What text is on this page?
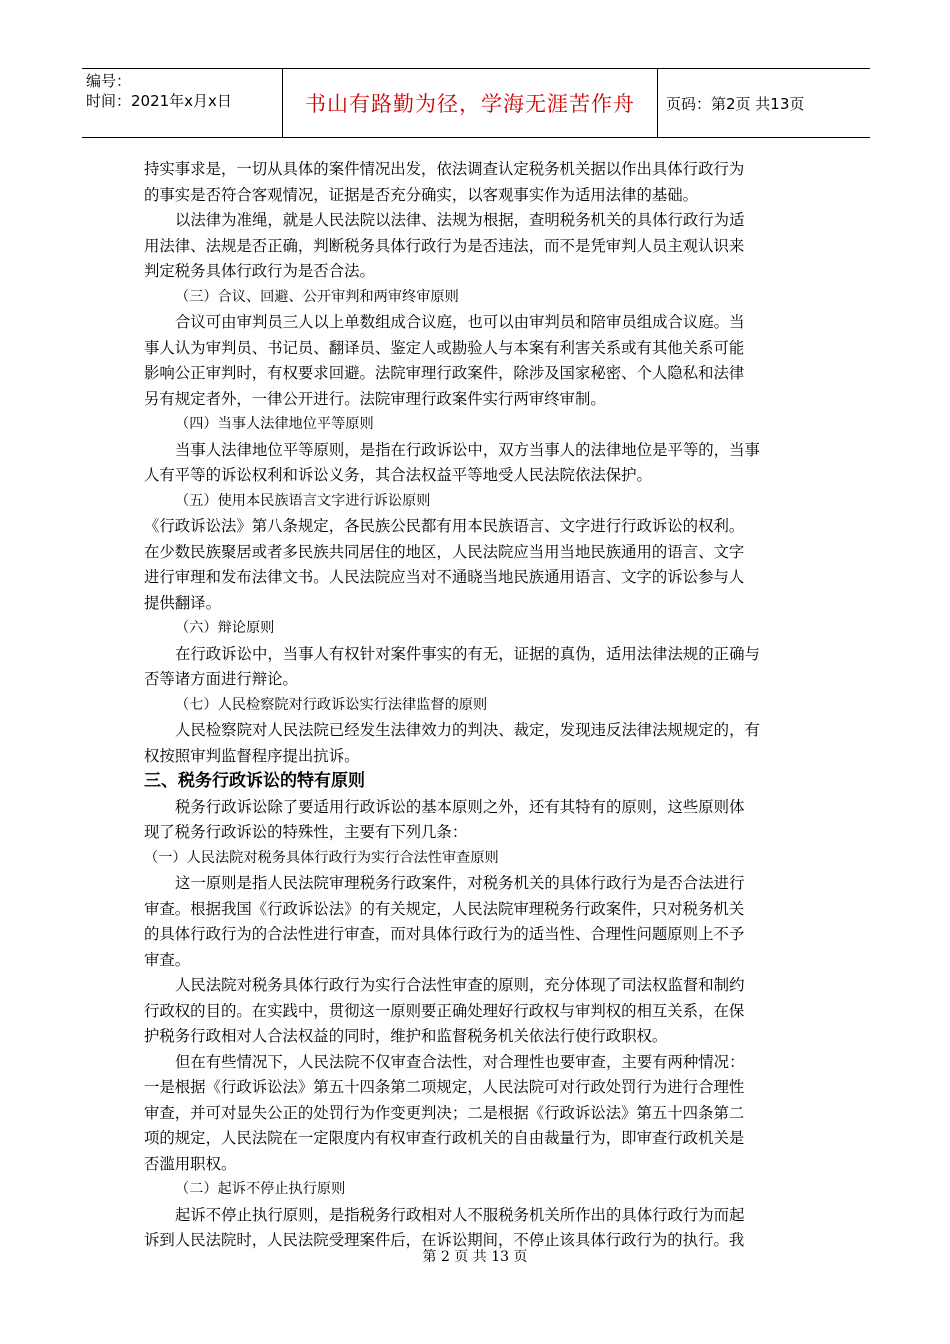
编号：
时间：2021年x月x日	书山有路勤为径，学海无涯苦作舟	页码：第2页 共13页

持实事求是，一切从具体的案件情况出发，依法调查认定税务机关据以作出具体行政行为

的事实是否符合客观情况，证据是否充分确实，以客观事实作为适用法律的基础。

以法律为准绳，就是人民法院以法律、法规为根据，查明税务机关的具体行政行为适

用法律、法规是否正确，判断税务具体行政行为是否违法，而不是凭审判人员主观认识来

判定税务具体行政行为是否合法。

（三）合议、回避、公开审判和两审终审原则

合议可由审判员三人以上单数组成合议庭，也可以由审判员和陪审员组成合议庭。当

事人认为审判员、书记员、翻译员、鉴定人或勘验人与本案有利害关系或有其他关系可能

影响公正审判时，有权要求回避。法院审理行政案件，除涉及国家秘密、个人隐私和法律

另有规定者外，一律公开进行。法院审理行政案件实行两审终审制。

（四）当事人法律地位平等原则

当事人法律地位平等原则，是指在行政诉讼中，双方当事人的法律地位是平等的，当事

人有平等的诉讼权利和诉讼义务，其合法权益平等地受人民法院依法保护。

（五）使用本民族语言文字进行诉讼原则

《行政诉讼法》第八条规定，各民族公民都有用本民族语言、文字进行行政诉讼的权利。

在少数民族聚居或者多民族共同居住的地区，人民法院应当用当地民族通用的语言、文字

进行审理和发布法律文书。人民法院应当对不通晓当地民族通用语言、文字的诉讼参与人

提供翻译。

（六）辩论原则

在行政诉讼中，当事人有权针对案件事实的有无，证据的真伪，适用法律法规的正确与

否等诸方面进行辩论。

（七）人民检察院对行政诉讼实行法律监督的原则

人民检察院对人民法院已经发生法律效力的判决、裁定，发现违反法律法规规定的，有

权按照审判监督程序提出抗诉。

三、税务行政诉讼的特有原则

税务行政诉讼除了要适用行政诉讼的基本原则之外，还有其特有的原则，这些原则体

现了税务行政诉讼的特殊性，主要有下列几条：

（一）人民法院对税务具体行政行为实行合法性审查原则

这一原则是指人民法院审理税务行政案件，对税务机关的具体行政行为是否合法进行

审查。根据我国《行政诉讼法》的有关规定，人民法院审理税务行政案件，只对税务机关

的具体行政行为的合法性进行审查，而对具体行政行为的适当性、合理性问题原则上不予

审查。

人民法院对税务具体行政行为实行合法性审查的原则，充分体现了司法权监督和制约

行政权的目的。在实践中，贯彻这一原则要正确处理好行政权与审判权的相互关系，在保

护税务行政相对人合法权益的同时，维护和监督税务机关依法行使行政职权。

但在有些情况下，人民法院不仅审查合法性，对合理性也要审查，主要有两种情况：

一是根据《行政诉讼法》第五十四条第二项规定，人民法院可对行政处罚行为进行合理性

审查，并可对显失公正的处罚行为作变更判决；二是根据《行政诉讼法》第五十四条第二

项的规定，人民法院在一定限度内有权审查行政机关的自由裁量行为，即审查行政机关是

否滥用职权。

（二）起诉不停止执行原则

起诉不停止执行原则，是指税务行政相对人不服税务机关所作出的具体行政行为而起

诉到人民法院时，人民法院受理案件后，在诉讼期间，不停止该具体行政行为的执行。我

第 2 页 共 13 页
